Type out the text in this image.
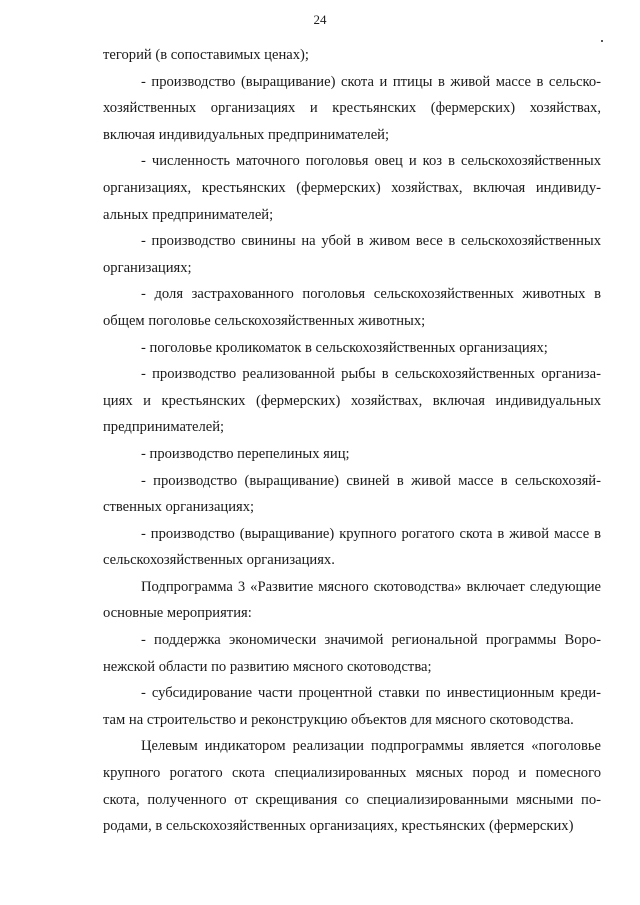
24

тегорий (в сопоставимых ценах);

- производство (выращивание) скота и птицы в живой массе в сельскохозяйственных организациях и крестьянских (фермерских) хозяйствах, включая индивидуальных предпринимателей;

- численность маточного поголовья овец и коз в сельскохозяйственных организациях, крестьянских (фермерских) хозяйствах, включая индивидуальных предпринимателей;

- производство свинины на убой в живом весе в сельскохозяйственных организациях;

- доля застрахованного поголовья сельскохозяйственных животных в общем поголовье сельскохозяйственных животных;

- поголовье кроликоматок в сельскохозяйственных организациях;

- производство реализованной рыбы в сельскохозяйственных организациях и крестьянских (фермерских) хозяйствах, включая индивидуальных предпринимателей;

- производство перепелиных яиц;

- производство (выращивание) свиней в живой массе в сельскохозяйственных организациях;

- производство (выращивание) крупного рогатого скота в живой массе в сельскохозяйственных организациях.

Подпрограмма 3 «Развитие мясного скотоводства» включает следующие основные мероприятия:

- поддержка экономически значимой региональной программы Воронежской области по развитию мясного скотоводства;

- субсидирование части процентной ставки по инвестиционным кредитам на строительство и реконструкцию объектов для мясного скотоводства.

Целевым индикатором реализации подпрограммы является «поголовье крупного рогатого скота специализированных мясных пород и помесного скота, полученного от скрещивания со специализированными мясными породами, в сельскохозяйственных организациях, крестьянских (фермерских)
